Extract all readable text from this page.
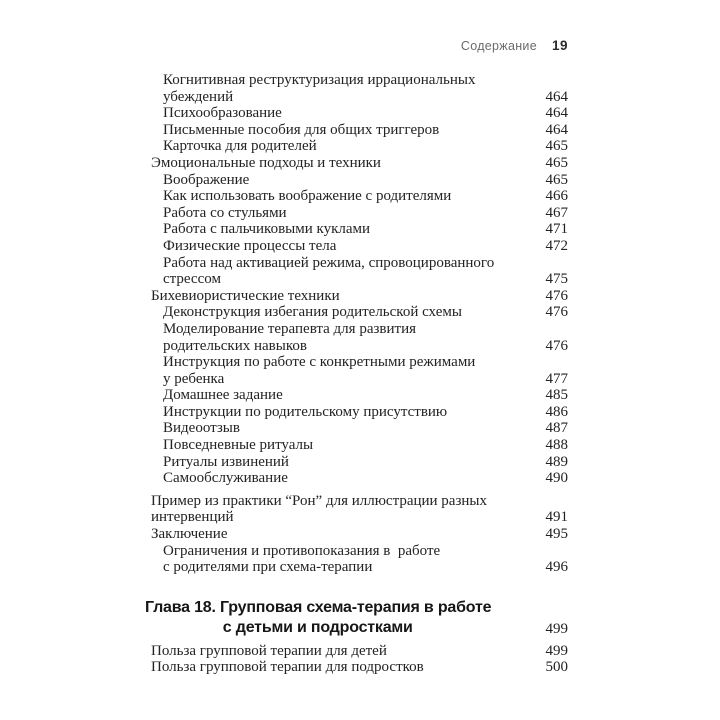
Содержание 19
Когнитивная реструктуризация иррациональных
убеждений	464
Психообразование	464
Письменные пособия для общих триггеров	464
Карточка для родителей	465
Эмоциональные подходы и техники	465
Воображение	465
Как использовать воображение с родителями	466
Работа со стульями	467
Работа с пальчиковыми куклами	471
Физические процессы тела	472
Работа над активацией режима, спровоцированного
стрессом	475
Бихевиористические техники	476
Деконструкция избегания родительской схемы	476
Моделирование терапевта для развития
родительских навыков	476
Инструкция по работе с конкретными режимами
у ребенка	477
Домашнее задание	485
Инструкции по родительскому присутствию	486
Видеоотзыв	487
Повседневные ритуалы	488
Ритуалы извинений	489
Самообслуживание	490
Пример из практики “Рон” для иллюстрации разных
интервенций	491
Заключение	495
Ограничения и противопоказания в  работе
с родителями при схема-терапии	496
Глава 18. Групповая схема-терапия в работе
с детьми и подростками	499
Польза групповой терапии для детей	499
Польза групповой терапии для подростков	500
